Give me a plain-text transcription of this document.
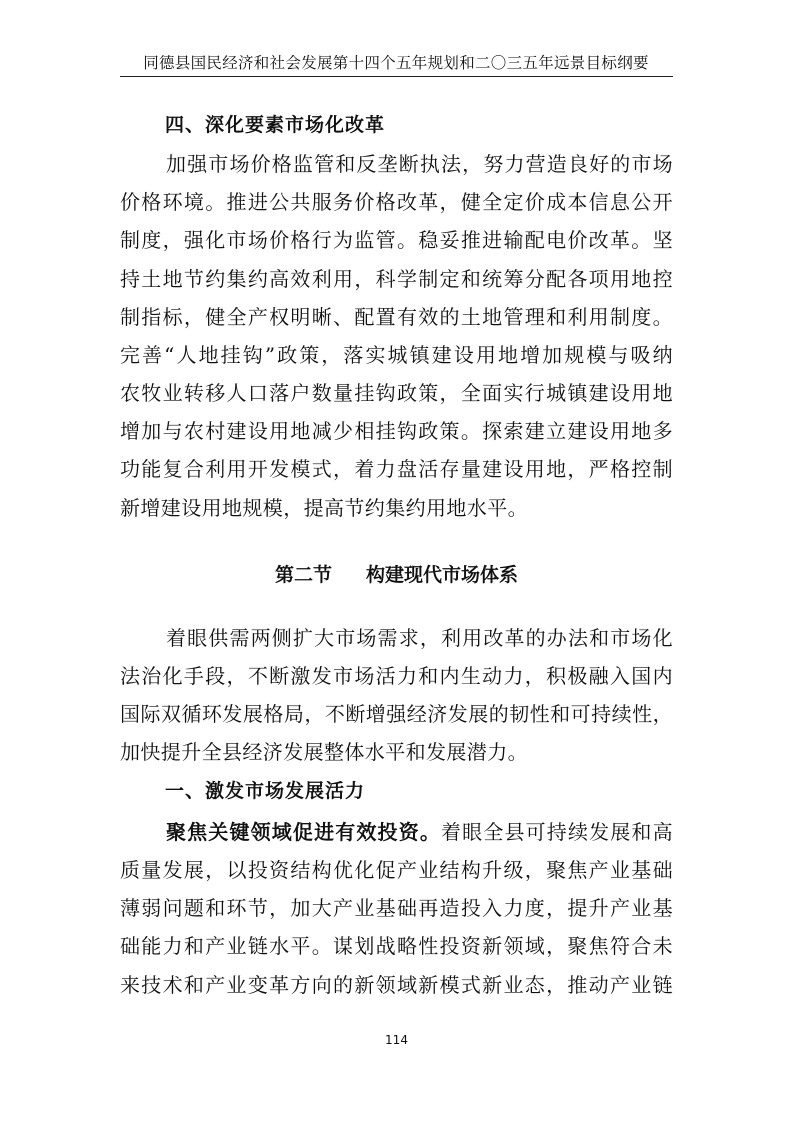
同德县国民经济和社会发展第十四个五年规划和二〇三五年远景目标纲要
四、深化要素市场化改革
加强市场价格监管和反垄断执法，努力营造良好的市场
价格环境。推进公共服务价格改革，健全定价成本信息公开
制度，强化市场价格行为监管。稳妥推进输配电价改革。坚
持土地节约集约高效利用，科学制定和统筹分配各项用地控
制指标，健全产权明晰、配置有效的土地管理和利用制度。
完善“人地挂钩”政策，落实城镇建设用地增加规模与吸纳
农牧业转移人口落户数量挂钩政策，全面实行城镇建设用地
增加与农村建设用地减少相挂钩政策。探索建立建设用地多
功能复合利用开发模式，着力盘活存量建设用地，严格控制
新增建设用地规模，提高节约集约用地水平。
第二节 构建现代市场体系
着眼供需两侧扩大市场需求，利用改革的办法和市场化
法治化手段，不断激发市场活力和内生动力，积极融入国内
国际双循环发展格局，不断增强经济发展的韧性和可持续性，
加快提升全县经济发展整体水平和发展潜力。
一、激发市场发展活力
聚焦关键领域促进有效投资。着眼全县可持续发展和高
质量发展，以投资结构优化促产业结构升级，聚焦产业基础
薄弱问题和环节，加大产业基础再造投入力度，提升产业基
础能力和产业链水平。谋划战略性投资新领域，聚焦符合未
来技术和产业变革方向的新领域新模式新业态，推动产业链
114
